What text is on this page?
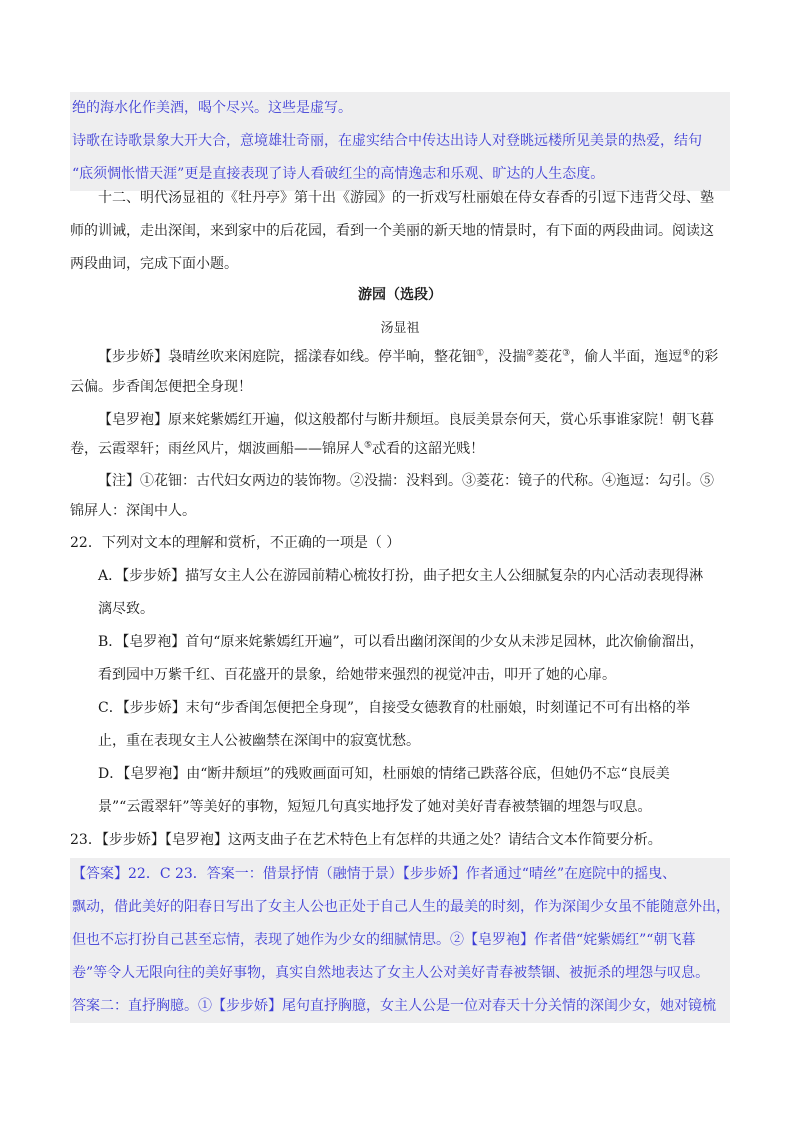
绝的海水化作美酒，喝个尽兴。这些是虚写。
诗歌在诗歌景象大开大合，意境雄壮奇丽，在虚实结合中传达出诗人对登眺远楼所见美景的热爱，结句
“底须惆怅惜天涯”更是直接表现了诗人看破红尘的高情逸志和乐观、旷达的人生态度。
十二、明代汤显祖的《牡丹亭》第十出《游园》的一折戏写杜丽娘在侍女春香的引逗下违背父母、塾
师的训诫，走出深闺，来到家中的后花园，看到一个美丽的新天地的情景时，有下面的两段曲词。阅读这
两段曲词，完成下面小题。
游园（选段）
汤显祖
【步步娇】袅晴丝吹来闲庭院，摇漾春如线。停半晌，整花钿①，没揣②菱花③，偷人半面，迤逗④的彩
云偏。步香闺怎便把全身现！
【皂罗袍】原来姹紫嫣红开遍，似这般都付与断井颓垣。良辰美景奈何天，赏心乐事谁家院！朝飞暮
卷，云霞翠轩；雨丝风片，烟波画船——锦屏人⑤忒看的这韶光贱！
【注】①花钿：古代妇女两边的装饰物。②没揣：没料到。③菱花：镜子的代称。④迤逗：勾引。⑤
锦屏人：深闺中人。
22．下列对文本的理解和赏析，不正确的一项是（ ）
A．【步步娇】描写女主人公在游园前精心梳妆打扮，曲子把女主人公细腻复杂的内心活动表现得淋
漓尽致。
B．【皂罗袍】首句“原来姹紫嫣红开遍”，可以看出幽闭深闺的少女从未涉足园林，此次偷偷溜出，
看到园中万紫千红、百花盛开的景象，给她带来强烈的视觉冲击，叩开了她的心扉。
C．【步步娇】末句“步香闺怎便把全身现”，自接受女德教育的杜丽娘，时刻谨记不可有出格的举
止，重在表现女主人公被幽禁在深闺中的寂寞忧愁。
D．【皂罗袍】由“断井颓垣”的残败画面可知，杜丽娘的情绪己跌落谷底，但她仍不忘“良辰美
景”“云霞翠轩”等美好的事物，短短几句真实地抒发了她对美好青春被禁锢的埋怨与叹息。
23．【步步娇】【皂罗袍】这两支曲子在艺术特色上有怎样的共通之处？请结合文本作简要分析。
【答案】22．C 23．答案一：借景抒情（融情于景）【步步娇】作者通过“晴丝”在庭院中的摇曳、
飘动，借此美好的阳春日写出了女主人公也正处于自己人生的最美的时刻，作为深闺少女虽不能随意外出，
但也不忘打扮自己甚至忘情，表现了她作为少女的细腻情思。②【皂罗袍】作者借“姹紫嫣红”“朝飞暮
卷”等令人无限向往的美好事物，真实自然地表达了女主人公对美好青春被禁锢、被扼杀的埋怨与叹息。
答案二：直抒胸臆。①【步步娇】尾句直抒胸臆，女主人公是一位对春天十分关情的深闺少女，她对镜梳
